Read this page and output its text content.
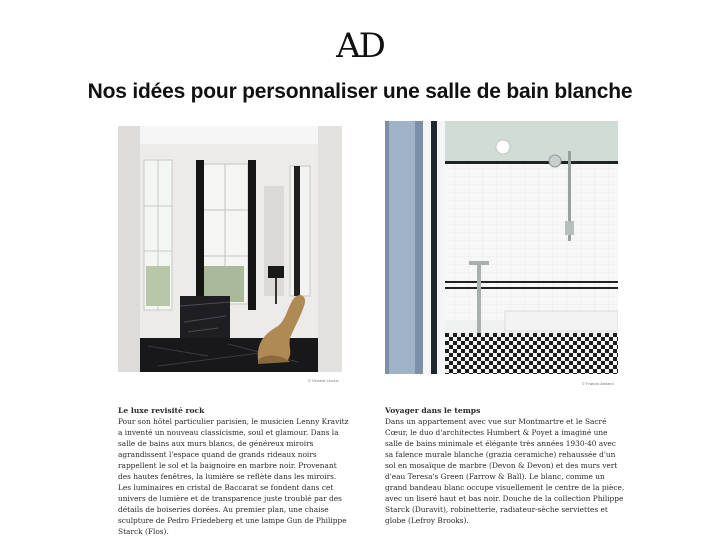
AD
Nos idées pour personnaliser une salle de bain blanche
© Vincent Leroux
© Francis Amiand
Le luxe revisité rock

Pour son hôtel particulier parisien, le musicien Lenny Kravitz a inventé un nouveau classicisme, soul et glamour. Dans la salle de bains aux murs blancs, de généreux miroirs agrandissent l'espace quand de grands rideaux noirs rappellent le sol et la baignoire en marbre noir. Provenant des hautes fenêtres, la lumière se reflète dans les miroirs. Les luminaires en cristal de Baccarat se fondent dans cet univers de lumière et de transparence juste troublé par des détails de boiseries dorées. Au premier plan, une chaise sculpture de Pedro Friedeberg et une lampe Gun de Philippe Starck (Flos).

Voyager dans le temps

Dans un appartement avec vue sur Montmartre et le Sacré Cœur, le duo d'architectes Humbert & Poyet a imaginé une salle de bains minimale et élégante très années 1930-40 avec sa faïence murale blanche (grazia ceramiche) rehaussée d'un sol en mosaïque de marbre (Devon & Devon) et des murs vert d'eau Teresa's Green (Farrow & Ball). Le blanc, comme un grand bandeau blanc occupe visuellement le centre de la pièce, avec un liseré haut et bas noir. Douche de la collection Philippe Starck (Duravit), robinetterie, radiateur-sèche serviettes et globe (Lefroy Brooks).
